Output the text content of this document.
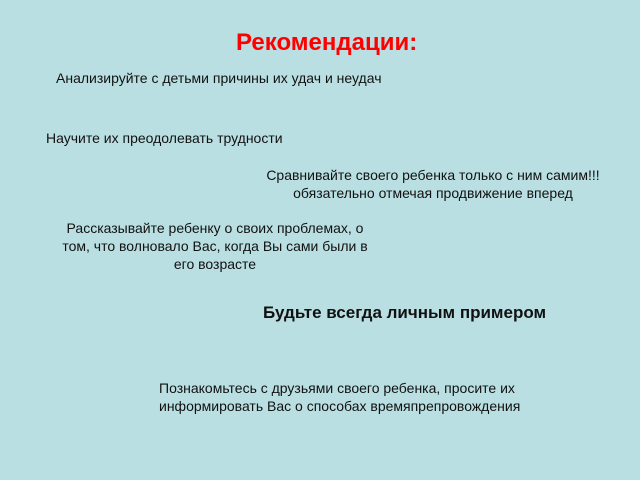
Рекомендации:
Анализируйте с детьми причины их удач и неудач
Научите их преодолевать трудности
Сравнивайте своего ребенка только с ним самим!!!
обязательно отмечая продвижение вперед
Рассказывайте ребенку о своих проблемах, о
том, что волновало Вас, когда Вы сами были в
его возрасте
Будьте всегда личным примером
Познакомьтесь с друзьями своего ребенка, просите их
информировать Вас о способах времяпрепровождения
